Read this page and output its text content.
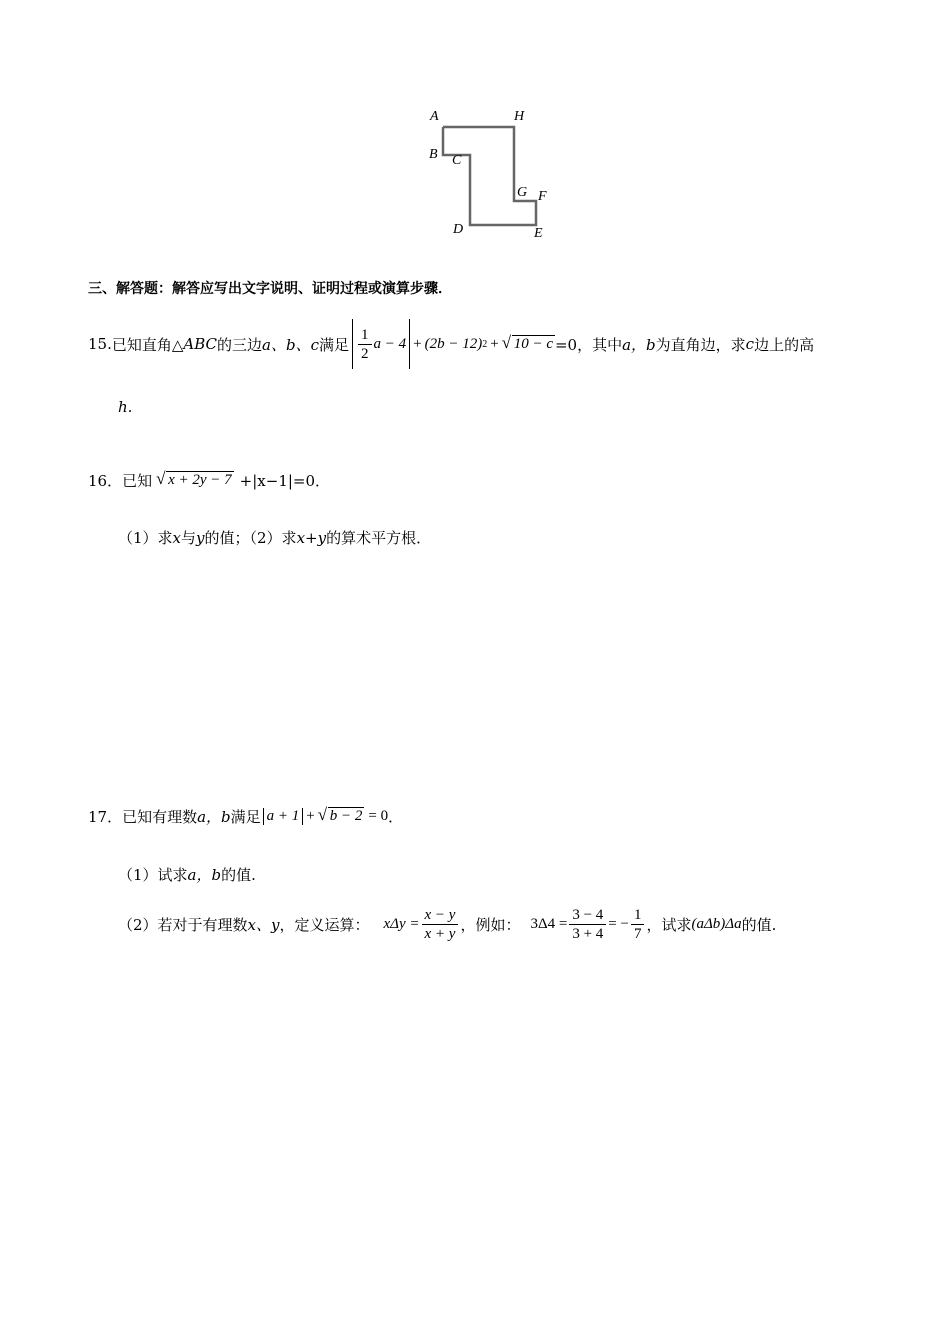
A	H
B C
G F
D	E
三、解答题：解答应写出文字说明、证明过程或演算步骤．
15. 已知直角△ ABC 的三边 a、b、c 满足 $\frac{1}{2}$ a − 4 + (2b − 12) 2 +	√ 10 − c =0，其中 a，b 为直角边，求 c 边上的高
h.
16． 已知	√ x + 2y − 7 +|x−1|=0．
（1）求x与y的值；（2）求x+y的算术平方根．
17． 已知有理数 a，b 满足 a + 1 +	√ b − 2 = 0 ．
（1）试求a，b的值.
（2）若对于有理数 x、y ，定义运算： $x\Delta y = \frac{x - y}{x + y}$ ，例如： $3\Delta 4 = \frac{3 - 4}{3 + 4}$ = − $\frac{1}{7}$ ，试求 (aΔb)Δa 的值.
